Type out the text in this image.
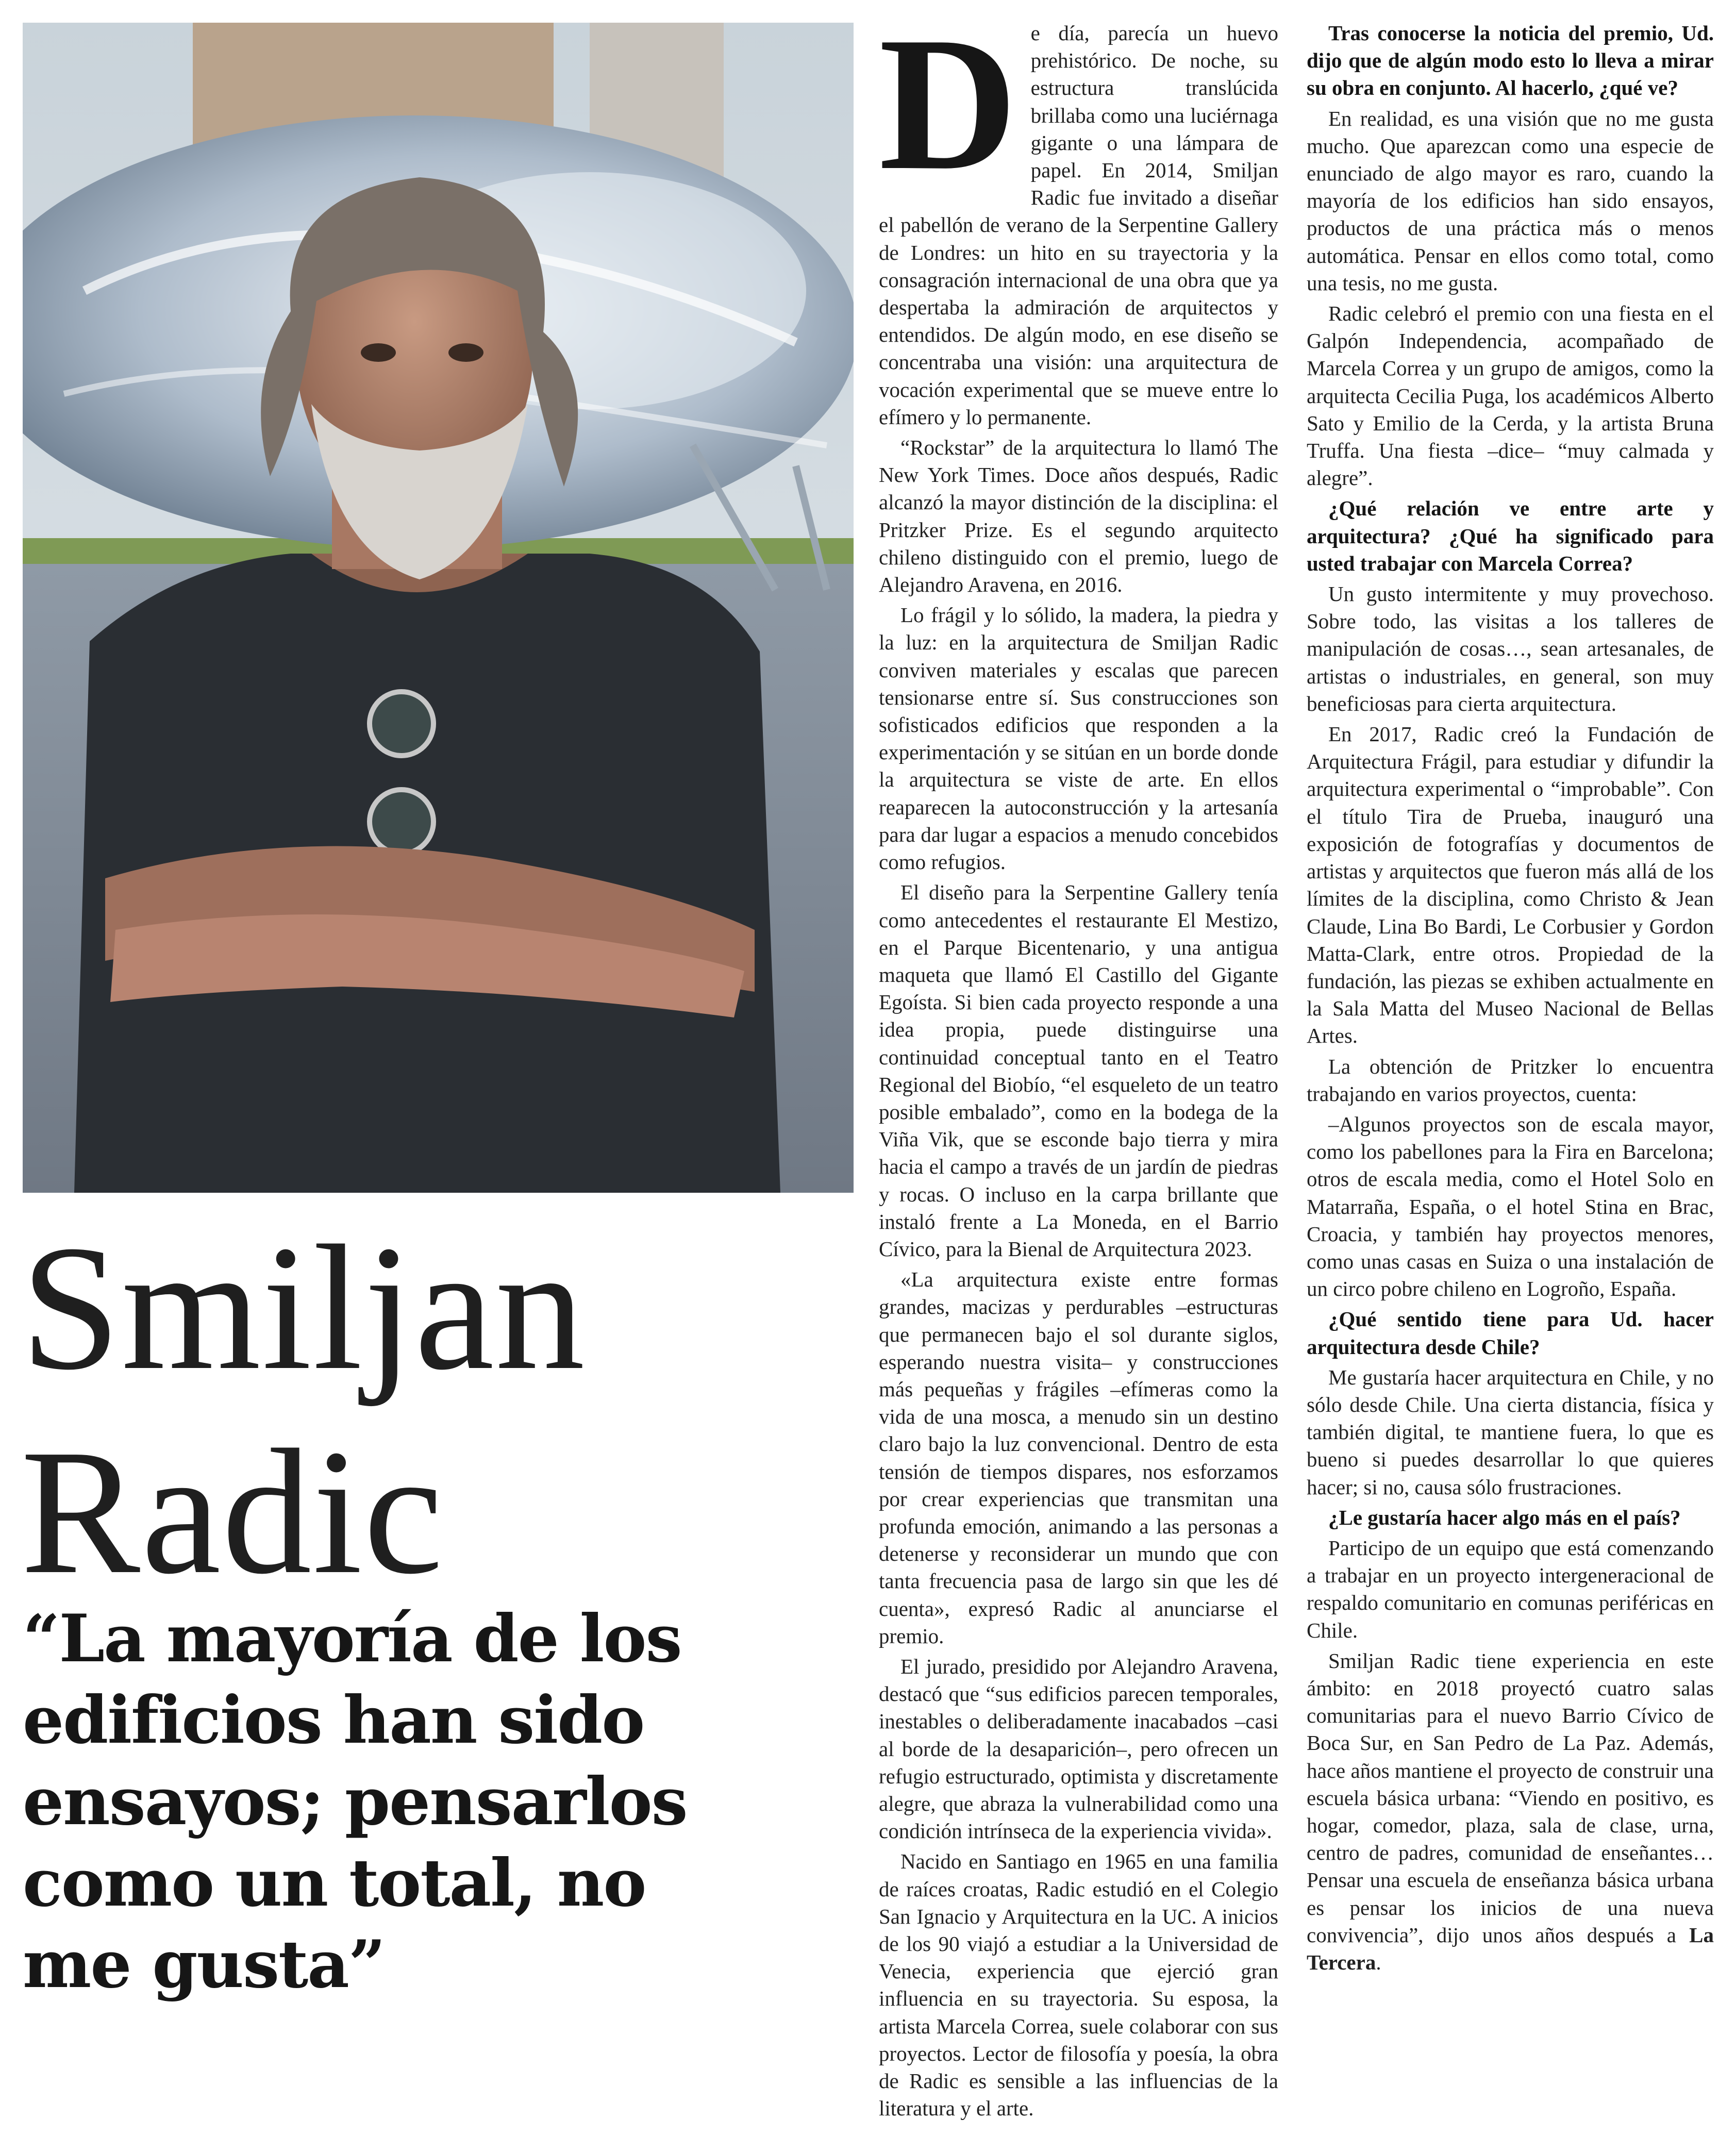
Smiljan
Radic
“La mayoría de los
edificios han sido
ensayos; pensarlos
como un total, no
me gusta”

De día, parecía un huevo prehistórico. De noche, su estructura translúcida brillaba como una luciérnaga gigante o una lámpara de papel. En 2014, Smiljan Radic fue invitado a diseñar el pabellón de verano de la Serpentine Gallery de Londres: un hito en su trayectoria y la consagración internacional de una obra que ya despertaba la admiración de arquitectos y entendidos. De algún modo, en ese diseño se concentraba una visión: una arquitectura de vocación experimental que se mueve entre lo efímero y lo permanente.

“Rockstar” de la arquitectura lo llamó The New York Times. Doce años después, Radic alcanzó la mayor distinción de la disciplina: el Pritzker Prize. Es el segundo arquitecto chileno distinguido con el premio, luego de Alejandro Aravena, en 2016.

Lo frágil y lo sólido, la madera, la piedra y la luz: en la arquitectura de Smiljan Radic conviven materiales y escalas que parecen tensionarse entre sí. Sus construcciones son sofisticados edificios que responden a la experimentación y se sitúan en un borde donde la arquitectura se viste de arte. En ellos reaparecen la autoconstrucción y la artesanía para dar lugar a espacios a menudo concebidos como refugios.

El diseño para la Serpentine Gallery tenía como antecedentes el restaurante El Mestizo, en el Parque Bicentenario, y una antigua maqueta que llamó El Castillo del Gigante Egoísta. Si bien cada proyecto responde a una idea propia, puede distinguirse una continuidad conceptual tanto en el Teatro Regional del Biobío, “el esqueleto de un teatro posible embalado”, como en la bodega de la Viña Vik, que se esconde bajo tierra y mira hacia el campo a través de un jardín de piedras y rocas. O incluso en la carpa brillante que instaló frente a La Moneda, en el Barrio Cívico, para la Bienal de Arquitectura 2023.

«La arquitectura existe entre formas grandes, macizas y perdurables –estructuras que permanecen bajo el sol durante siglos, esperando nuestra visita– y construcciones más pequeñas y frágiles –efímeras como la vida de una mosca, a menudo sin un destino claro bajo la luz convencional. Dentro de esta tensión de tiempos dispares, nos esforzamos por crear experiencias que transmitan una profunda emoción, animando a las personas a detenerse y reconsiderar un mundo que con tanta frecuencia pasa de largo sin que les dé cuenta», expresó Radic al anunciarse el premio.

El jurado, presidido por Alejandro Aravena, destacó que “sus edificios parecen temporales, inestables o deliberadamente inacabados –casi al borde de la desaparición–, pero ofrecen un refugio estructurado, optimista y discretamente alegre, que abraza la vulnerabilidad como una condición intrínseca de la experiencia vivida».

Nacido en Santiago en 1965 en una familia de raíces croatas, Radic estudió en el Colegio San Ignacio y Arquitectura en la UC. A inicios de los 90 viajó a estudiar a la Universidad de Venecia, experiencia que ejerció gran influencia en su trayectoria. Su esposa, la artista Marcela Correa, suele colaborar con sus proyectos. Lector de filosofía y poesía, la obra de Radic es sensible a las influencias de la literatura y el arte.

Tras conocerse la noticia del premio, Ud. dijo que de algún modo esto lo lleva a mirar su obra en conjunto. Al hacerlo, ¿qué ve?

En realidad, es una visión que no me gusta mucho. Que aparezcan como una especie de enunciado de algo mayor es raro, cuando la mayoría de los edificios han sido ensayos, productos de una práctica más o menos automática. Pensar en ellos como total, como una tesis, no me gusta.

Radic celebró el premio con una fiesta en el Galpón Independencia, acompañado de Marcela Correa y un grupo de amigos, como la arquitecta Cecilia Puga, los académicos Alberto Sato y Emilio de la Cerda, y la artista Bruna Truffa. Una fiesta –dice– “muy calmada y alegre”.

¿Qué relación ve entre arte y arquitectura? ¿Qué ha significado para usted trabajar con Marcela Correa?

Un gusto intermitente y muy provechoso. Sobre todo, las visitas a los talleres de manipulación de cosas…, sean artesanales, de artistas o industriales, en general, son muy beneficiosas para cierta arquitectura.

En 2017, Radic creó la Fundación de Arquitectura Frágil, para estudiar y difundir la arquitectura experimental o “improbable”. Con el título Tira de Prueba, inauguró una exposición de fotografías y documentos de artistas y arquitectos que fueron más allá de los límites de la disciplina, como Christo & Jean Claude, Lina Bo Bardi, Le Corbusier y Gordon Matta-Clark, entre otros. Propiedad de la fundación, las piezas se exhiben actualmente en la Sala Matta del Museo Nacional de Bellas Artes.

La obtención de Pritzker lo encuentra trabajando en varios proyectos, cuenta:

–Algunos proyectos son de escala mayor, como los pabellones para la Fira en Barcelona; otros de escala media, como el Hotel Solo en Matarraña, España, o el hotel Stina en Brac, Croacia, y también hay proyectos menores, como unas casas en Suiza o una instalación de un circo pobre chileno en Logroño, España.

¿Qué sentido tiene para Ud. hacer arquitectura desde Chile?

Me gustaría hacer arquitectura en Chile, y no sólo desde Chile. Una cierta distancia, física y también digital, te mantiene fuera, lo que es bueno si puedes desarrollar lo que quieres hacer; si no, causa sólo frustraciones.

¿Le gustaría hacer algo más en el país?

Participo de un equipo que está comenzando a trabajar en un proyecto intergeneracional de respaldo comunitario en comunas periféricas en Chile.

Smiljan Radic tiene experiencia en este ámbito: en 2018 proyectó cuatro salas comunitarias para el nuevo Barrio Cívico de Boca Sur, en San Pedro de La Paz. Además, hace años mantiene el proyecto de construir una escuela básica urbana: “Viendo en positivo, es hogar, comedor, plaza, sala de clase, urna, centro de padres, comunidad de enseñantes… Pensar una escuela de enseñanza básica urbana es pensar los inicios de una nueva convivencia”, dijo unos años después a La Tercera.
